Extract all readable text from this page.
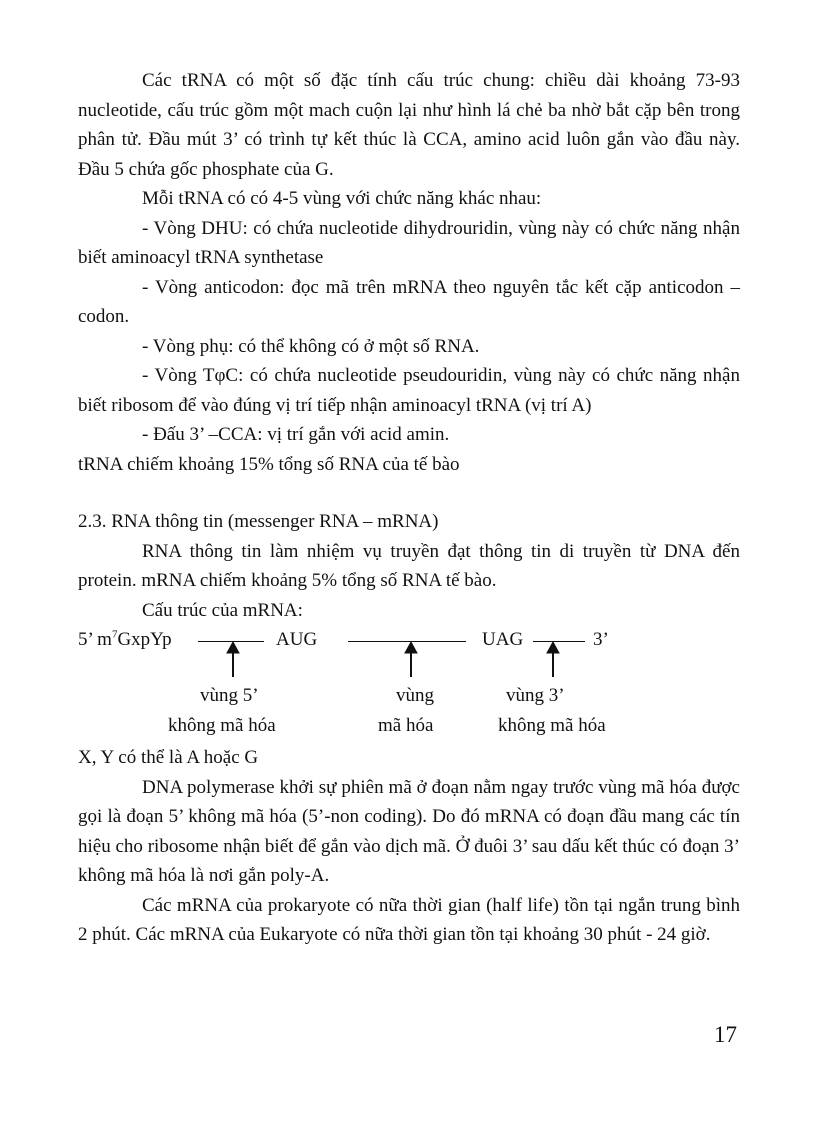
Các tRNA có một số đặc tính cấu trúc chung: chiều dài khoảng 73-93 nucleotide, cấu trúc gồm một mach cuộn lại như hình lá chẻ ba nhờ bắt cặp bên trong phân tử. Đầu mút 3’ có trình tự kết thúc là CCA, amino acid luôn gắn vào đầu này. Đầu 5 chứa gốc phosphate của G.

Mỗi tRNA có có 4-5 vùng với chức năng khác nhau:

- Vòng DHU: có chứa nucleotide dihydrouridin, vùng này có chức năng nhận biết aminoacyl tRNA synthetase

- Vòng anticodon: đọc mã trên mRNA theo nguyên tắc kết cặp anticodon – codon.

- Vòng phụ: có thể không có ở một số RNA.

- Vòng TφC: có chứa nucleotide pseudouridin, vùng này có chức năng nhận biết ribosom để vào đúng vị trí tiếp nhận aminoacyl tRNA (vị trí A)

- Đấu 3’ –CCA: vị trí gắn với acid amin.

tRNA chiếm khoảng 15% tổng số RNA của tế bào

2.3. RNA thông tin (messenger RNA – mRNA)

RNA thông tin làm nhiệm vụ truyền đạt thông tin di truyền từ DNA đến protein. mRNA chiếm khoảng 5% tổng số RNA tế bào.

Cấu trúc của mRNA:

5’ $m^7GxpYp$	AUG	UAG	3’
vùng 5’
không mã hóa
vùng
mã hóa
vùng 3’
không mã hóa

X, Y có thể là A hoặc G

DNA polymerase khởi sự phiên mã ở đoạn nằm ngay trước vùng mã hóa được gọi là đoạn 5’ không mã hóa (5’-non coding). Do đó mRNA có đoạn đầu mang các tín hiệu cho ribosome nhận biết để gắn vào dịch mã. Ở đuôi 3’ sau dấu kết thúc có đoạn 3’ không mã hóa là nơi gắn poly-A.

Các mRNA của prokaryote có nữa thời gian (half life) tồn tại ngắn trung bình 2 phút. Các mRNA của Eukaryote có nữa thời gian tồn tại khoảng 30 phút - 24 giờ.

17
